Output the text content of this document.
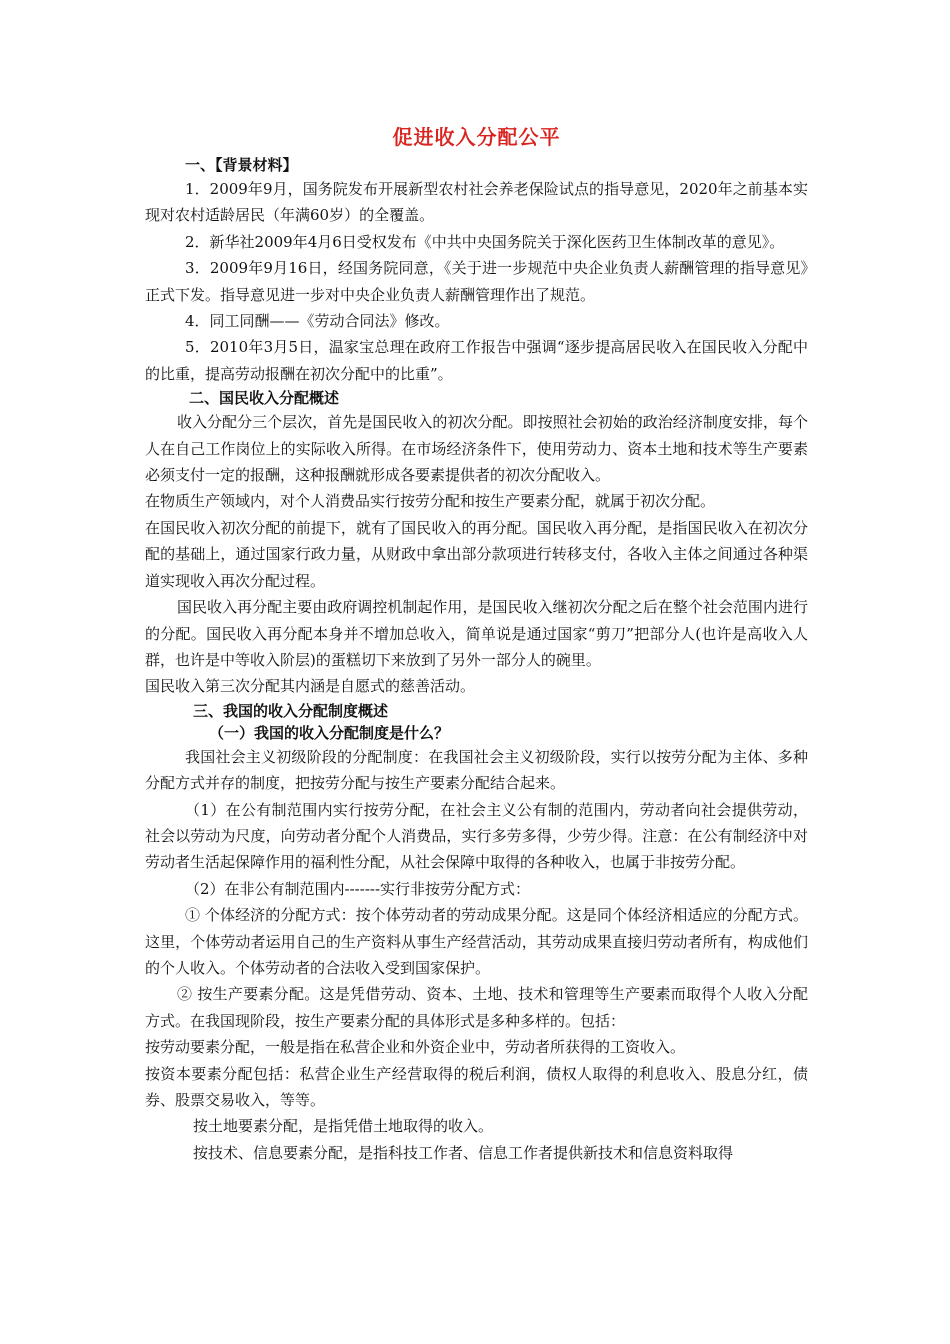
促进收入分配公平
一、【背景材料】
1．2009年9月，国务院发布开展新型农村社会养老保险试点的指导意见，2020年之前基本实现对农村适龄居民（年满60岁）的全覆盖。
2．新华社2009年4月6日受权发布《中共中央国务院关于深化医药卫生体制改革的意见》。
3．2009年9月16日，经国务院同意，《关于进一步规范中央企业负责人薪酬管理的指导意见》正式下发。指导意见进一步对中央企业负责人薪酬管理作出了规范。
4．同工同酬——《劳动合同法》修改。
5．2010年3月5日，温家宝总理在政府工作报告中强调“逐步提高居民收入在国民收入分配中的比重，提高劳动报酬在初次分配中的比重”。
二、国民收入分配概述
收入分配分三个层次，首先是国民收入的初次分配。即按照社会初始的政治经济制度安排，每个人在自己工作岗位上的实际收入所得。在市场经济条件下，使用劳动力、资本土地和技术等生产要素必须支付一定的报酬，这种报酬就形成各要素提供者的初次分配收入。
在物质生产领域内，对个人消费品实行按劳分配和按生产要素分配，就属于初次分配。
在国民收入初次分配的前提下，就有了国民收入的再分配。国民收入再分配，是指国民收入在初次分配的基础上，通过国家行政力量，从财政中拿出部分款项进行转移支付，各收入主体之间通过各种渠道实现收入再次分配过程。
国民收入再分配主要由政府调控机制起作用，是国民收入继初次分配之后在整个社会范围内进行的分配。国民收入再分配本身并不增加总收入，简单说是通过国家“剪刀”把部分人(也许是高收入人群，也许是中等收入阶层)的蛋糕切下来放到了另外一部分人的碗里。
国民收入第三次分配其内涵是自愿式的慈善活动。
三、我国的收入分配制度概述
（一）我国的收入分配制度是什么？
我国社会主义初级阶段的分配制度：在我国社会主义初级阶段，实行以按劳分配为主体、多种分配方式并存的制度，把按劳分配与按生产要素分配结合起来。
（1）在公有制范围内实行按劳分配，在社会主义公有制的范围内，劳动者向社会提供劳动，社会以劳动为尺度，向劳动者分配个人消费品，实行多劳多得，少劳少得。注意：在公有制经济中对劳动者生活起保障作用的福利性分配，从社会保障中取得的各种收入，也属于非按劳分配。
（2）在非公有制范围内-------实行非按劳分配方式：
① 个体经济的分配方式：按个体劳动者的劳动成果分配。这是同个体经济相适应的分配方式。这里，个体劳动者运用自己的生产资料从事生产经营活动，其劳动成果直接归劳动者所有，构成他们的个人收入。个体劳动者的合法收入受到国家保护。
② 按生产要素分配。这是凭借劳动、资本、土地、技术和管理等生产要素而取得个人收入分配方式。在我国现阶段，按生产要素分配的具体形式是多种多样的。包括：
按劳动要素分配，一般是指在私营企业和外资企业中，劳动者所获得的工资收入。
按资本要素分配包括：私营企业生产经营取得的税后利润，债权人取得的利息收入、股息分红，债券、股票交易收入，等等。
按土地要素分配，是指凭借土地取得的收入。
按技术、信息要素分配，是指科技工作者、信息工作者提供新技术和信息资料取得
